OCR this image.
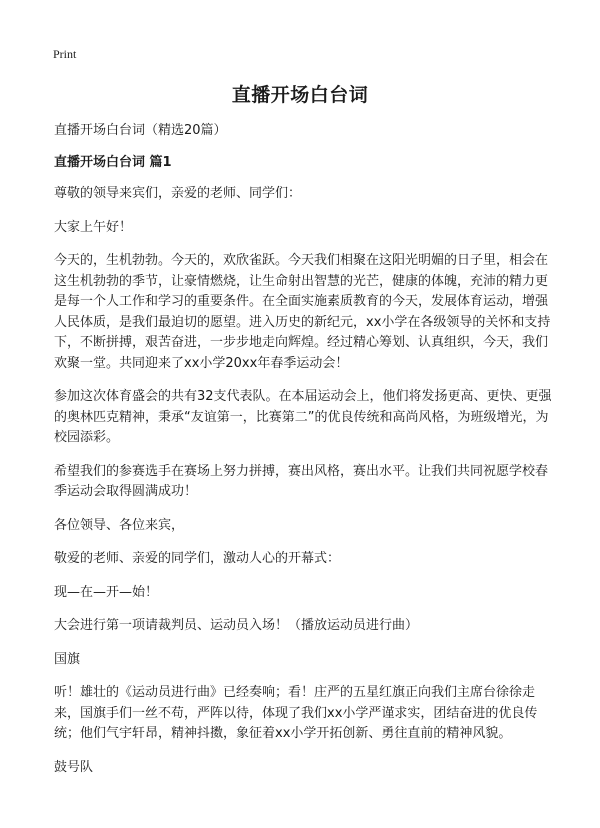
Print
直播开场白台词

直播开场白台词（精选20篇）

直播开场白台词 篇1

尊敬的领导来宾们，亲爱的老师、同学们：

大家上午好！

今天的，生机勃勃。今天的，欢欣雀跃。今天我们相聚在这阳光明媚的日子里，相会在这生机勃勃的季节，让豪情燃烧，让生命射出智慧的光芒，健康的体魄，充沛的精力更是每一个人工作和学习的重要条件。在全面实施素质教育的今天，发展体育运动，增强人民体质，是我们最迫切的愿望。进入历史的新纪元，xx小学在各级领导的关怀和支持下，不断拼搏，艰苦奋进，一步步地走向辉煌。经过精心筹划、认真组织，今天，我们欢聚一堂。共同迎来了xx小学20xx年春季运动会！

参加这次体育盛会的共有32支代表队。在本届运动会上，他们将发扬更高、更快、更强的奥林匹克精神，秉承“友谊第一，比赛第二”的优良传统和高尚风格，为班级增光，为校园添彩。

希望我们的参赛选手在赛场上努力拼搏，赛出风格，赛出水平。让我们共同祝愿学校春季运动会取得圆满成功！

各位领导、各位来宾，

敬爱的老师、亲爱的同学们，激动人心的开幕式：

现—在—开—始！

大会进行第一项请裁判员、运动员入场！（播放运动员进行曲）

国旗

听！雄壮的《运动员进行曲》已经奏响；看！庄严的五星红旗正向我们主席台徐徐走来，国旗手们一丝不苟，严阵以待，体现了我们xx小学严谨求实，团结奋进的优良传统；他们气宇轩昂，精神抖擞，象征着xx小学开拓创新、勇往直前的精神风貌。

鼓号队
